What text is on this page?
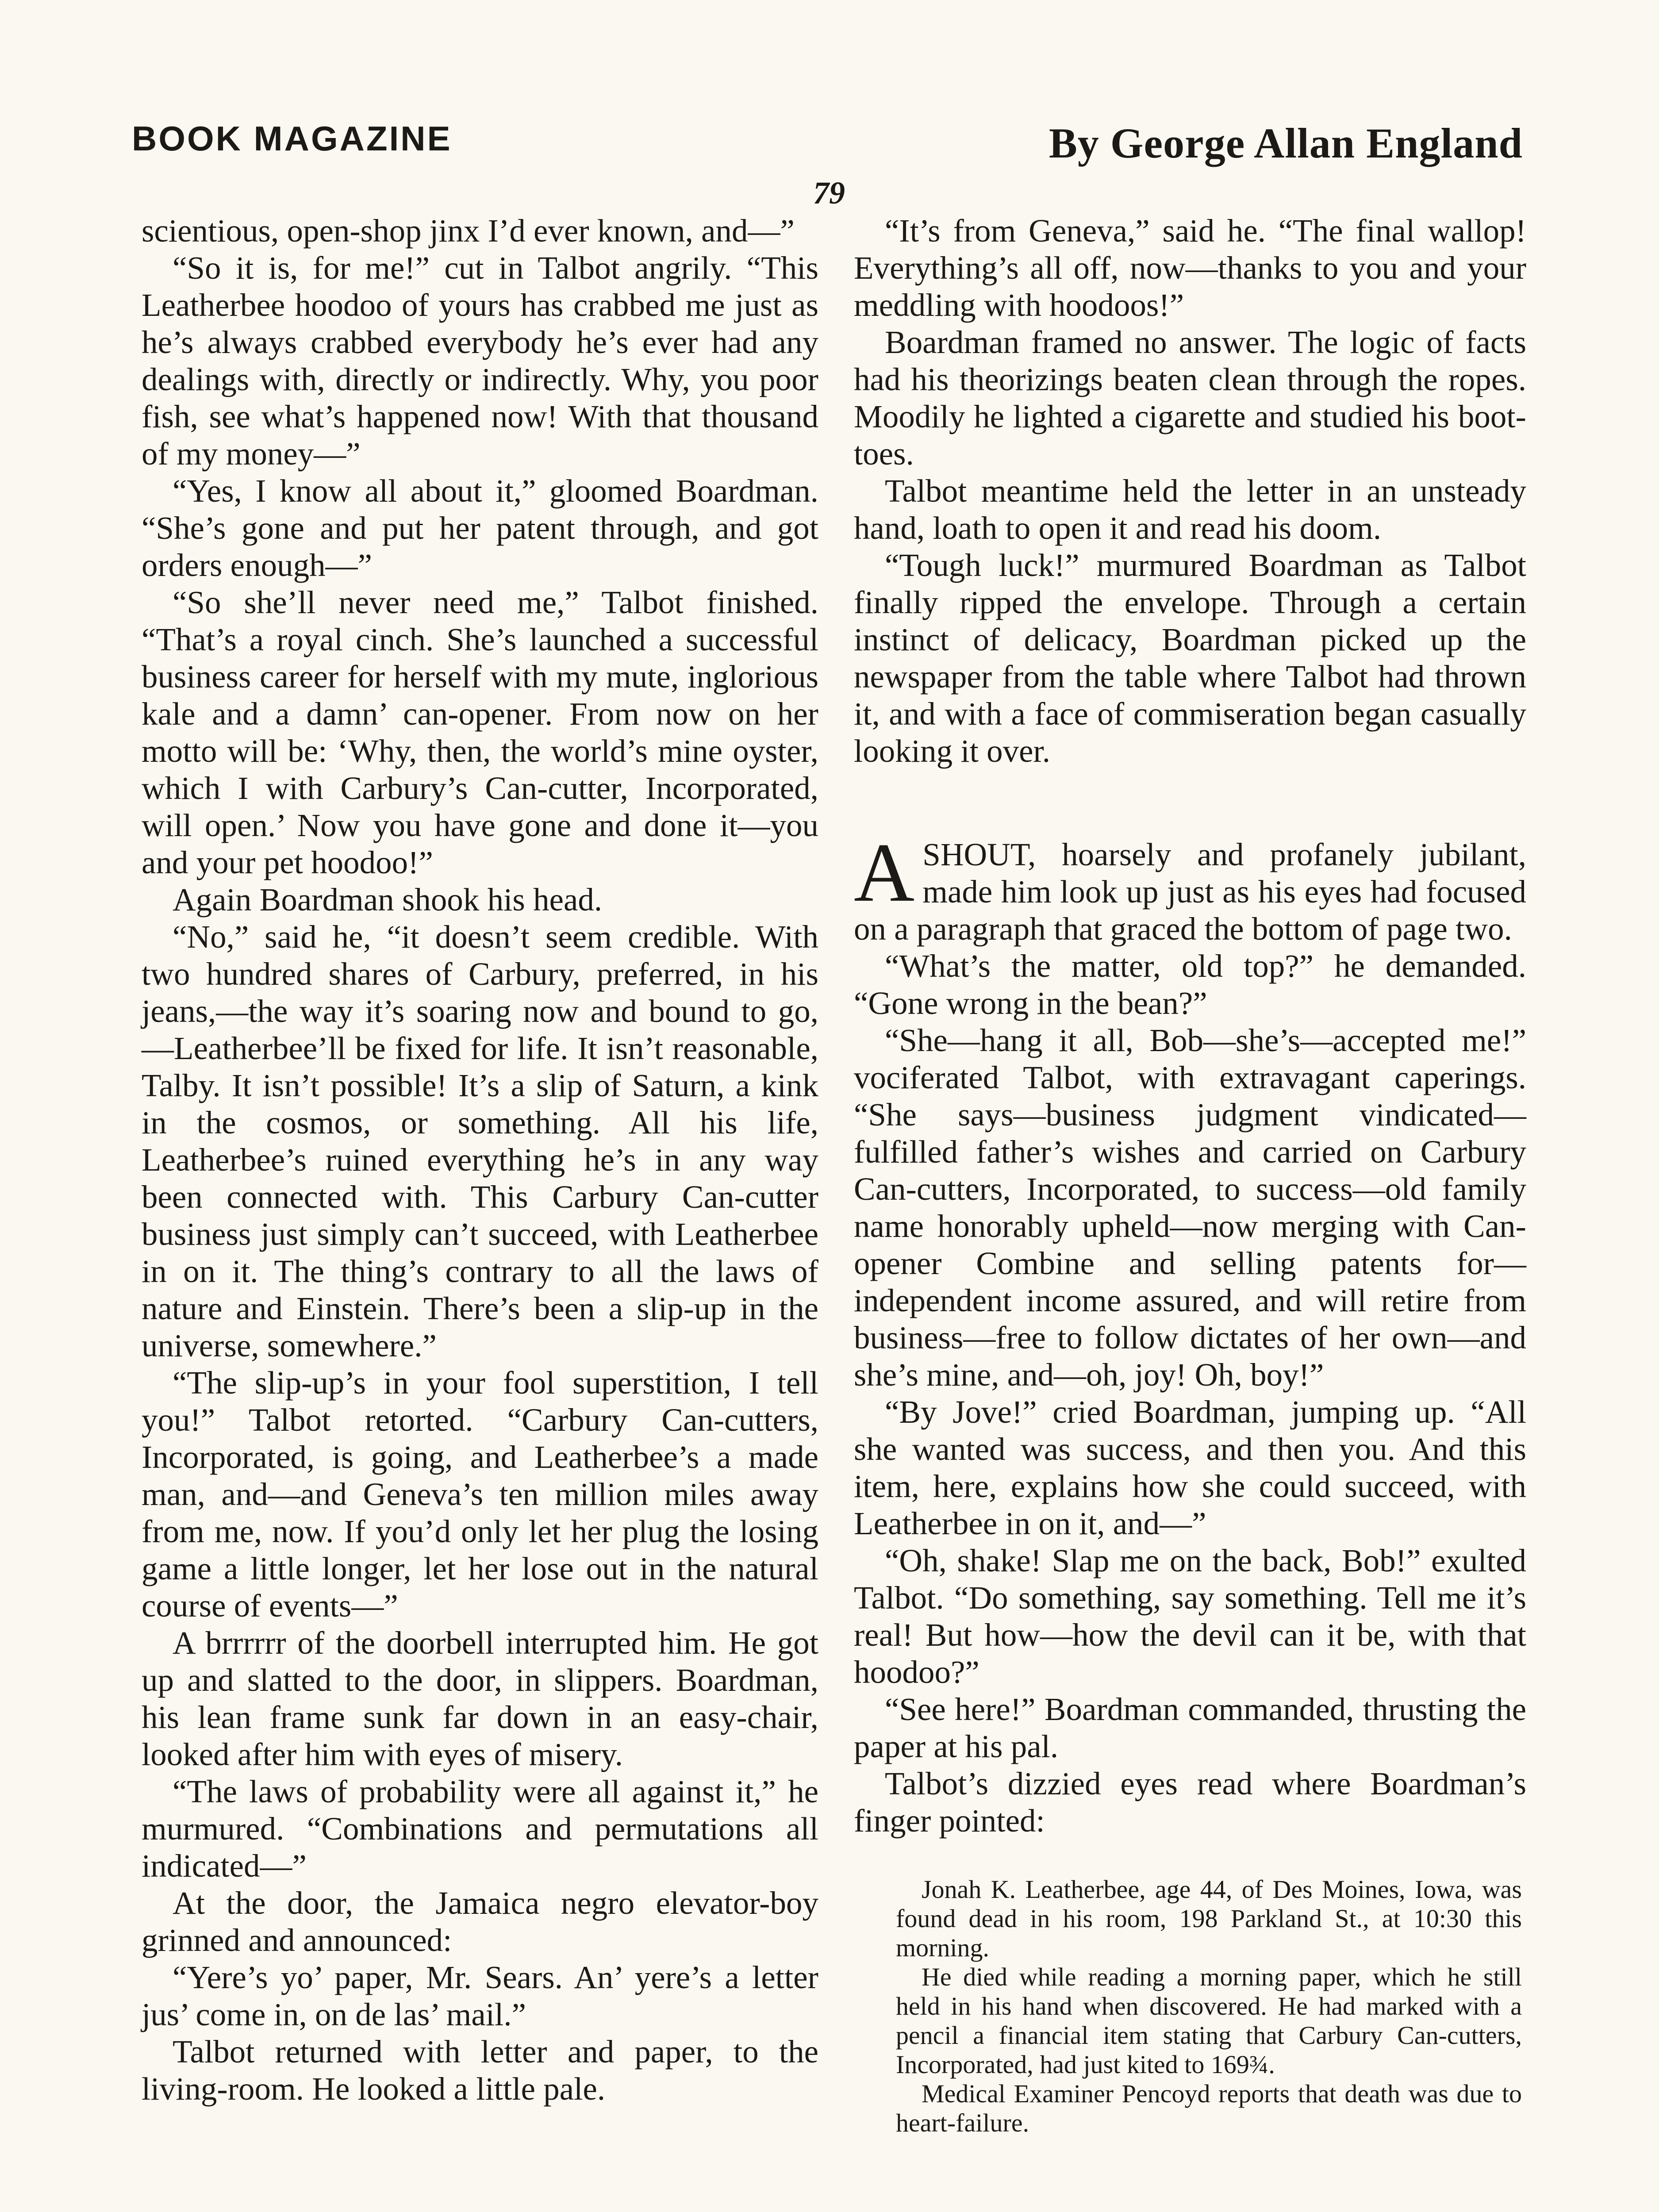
BOOK MAGAZINE	By George Allan England
79

scientious, open-shop jinx I’d ever known, and—”

“So it is, for me!” cut in Talbot angrily. “This Leatherbee hoodoo of yours has crabbed me just as he’s always crabbed everybody he’s ever had any dealings with, directly or indirectly. Why, you poor fish, see what’s happened now! With that thousand of my money—”

“Yes, I know all about it,” gloomed Boardman. “She’s gone and put her patent through, and got orders enough—”

“So she’ll never need me,” Talbot finished. “That’s a royal cinch. She’s launched a successful business career for herself with my mute, inglorious kale and a damn’ can-opener. From now on her motto will be: ‘Why, then, the world’s mine oyster, which I with Carbury’s Can-cutter, Incorporated, will open.’ Now you have gone and done it—you and your pet hoodoo!”

Again Boardman shook his head.

“No,” said he, “it doesn’t seem credible. With two hundred shares of Carbury, preferred, in his jeans,—the way it’s soaring now and bound to go,—Leatherbee’ll be fixed for life. It isn’t reasonable, Talby. It isn’t possible! It’s a slip of Saturn, a kink in the cosmos, or something. All his life, Leatherbee’s ruined everything he’s in any way been connected with. This Carbury Can-cutter business just simply can’t succeed, with Leatherbee in on it. The thing’s contrary to all the laws of nature and Einstein. There’s been a slip-up in the universe, somewhere.”

“The slip-up’s in your fool superstition, I tell you!” Talbot retorted. “Carbury Can-cutters, Incorporated, is going, and Leatherbee’s a made man, and—and Geneva’s ten million miles away from me, now. If you’d only let her plug the losing game a little longer, let her lose out in the natural course of events—”

A brrrrrr of the doorbell interrupted him. He got up and slatted to the door, in slippers. Boardman, his lean frame sunk far down in an easy-chair, looked after him with eyes of misery.

“The laws of probability were all against it,” he murmured. “Combinations and permutations all indicated—”

At the door, the Jamaica negro elevator-boy grinned and announced:

“Yere’s yo’ paper, Mr. Sears. An’ yere’s a letter jus’ come in, on de las’ mail.”

Talbot returned with letter and paper, to the living-room. He looked a little pale.

“It’s from Geneva,” said he. “The final wallop! Everything’s all off, now—thanks to you and your meddling with hoodoos!”

Boardman framed no answer. The logic of facts had his theorizings beaten clean through the ropes. Moodily he lighted a cigarette and studied his boot-toes.

Talbot meantime held the letter in an unsteady hand, loath to open it and read his doom.

“Tough luck!” murmured Boardman as Talbot finally ripped the envelope. Through a certain instinct of delicacy, Boardman picked up the newspaper from the table where Talbot had thrown it, and with a face of commiseration began casually looking it over.

A SHOUT, hoarsely and profanely jubilant, made him look up just as his eyes had focused on a paragraph that graced the bottom of page two.

“What’s the matter, old top?” he demanded. “Gone wrong in the bean?”

“She—hang it all, Bob—she’s—accepted me!” vociferated Talbot, with extravagant caperings. “She says—business judgment vindicated—fulfilled father’s wishes and carried on Carbury Can-cutters, Incorporated, to success—old family name honorably upheld—now merging with Can-opener Combine and selling patents for—independent income assured, and will retire from business—free to follow dictates of her own—and she’s mine, and—oh, joy! Oh, boy!”

“By Jove!” cried Boardman, jumping up. “All she wanted was success, and then you. And this item, here, explains how she could succeed, with Leatherbee in on it, and—”

“Oh, shake! Slap me on the back, Bob!” exulted Talbot. “Do something, say something. Tell me it’s real! But how—how the devil can it be, with that hoodoo?”

“See here!” Boardman commanded, thrusting the paper at his pal.

Talbot’s dizzied eyes read where Boardman’s finger pointed:

Jonah K. Leatherbee, age 44, of Des Moines, Iowa, was found dead in his room, 198 Parkland St., at 10:30 this morning.

He died while reading a morning paper, which he still held in his hand when discovered. He had marked with a pencil a financial item stating that Carbury Can-cutters, Incorporated, had just kited to 169¾.

Medical Examiner Pencoyd reports that death was due to heart-failure.
